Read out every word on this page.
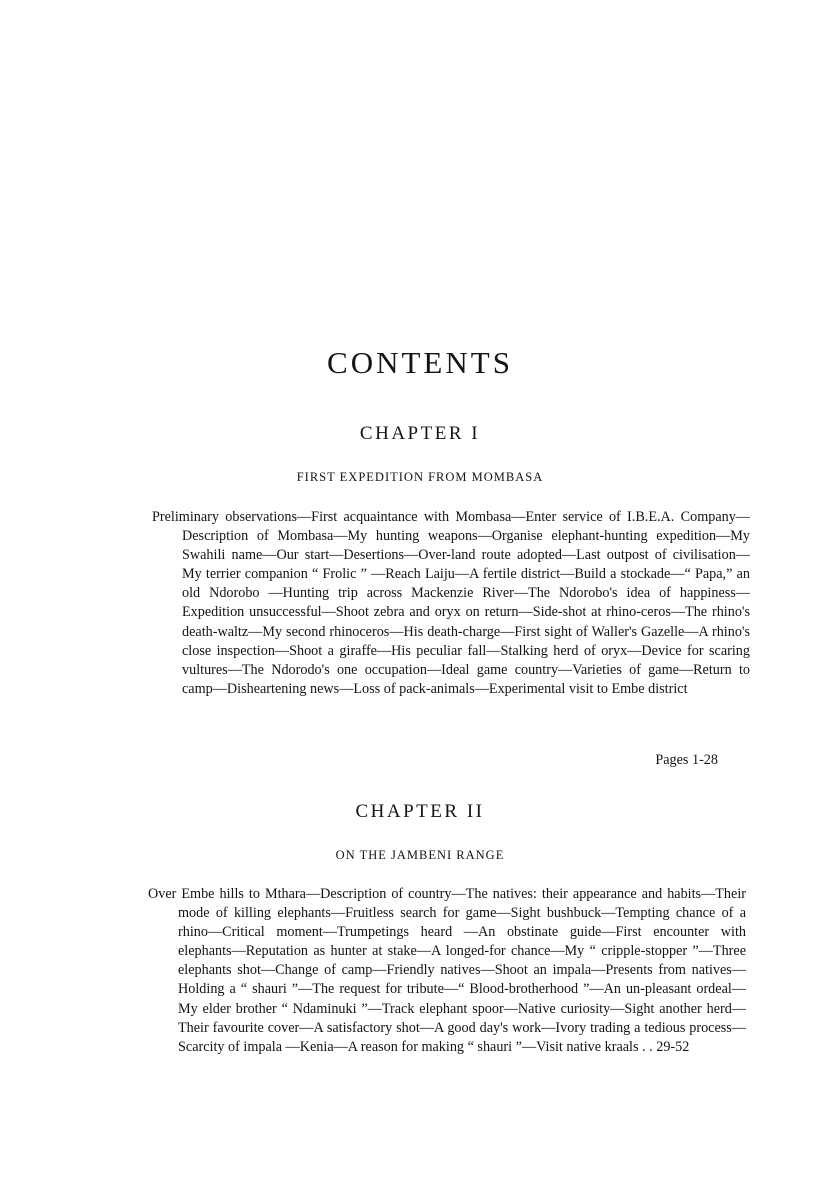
CONTENTS
CHAPTER I
FIRST EXPEDITION FROM MOMBASA

Preliminary observations—First acquaintance with Mombasa—Enter service of I.B.E.A. Company—Description of Mombasa—My hunting weapons—Organise elephant-hunting expedition—My Swahili name—Our start—Desertions—Over-land route adopted—Last outpost of civilisation—My terrier companion “ Frolic ” —Reach Laiju—A fertile district—Build a stockade—“ Papa,” an old Ndorobo —Hunting trip across Mackenzie River—The Ndorobo's idea of happiness—Expedition unsuccessful—Shoot zebra and oryx on return—Side-shot at rhino-ceros—The rhino's death-waltz—My second rhinoceros—His death-charge—First sight of Waller's Gazelle—A rhino's close inspection—Shoot a giraffe—His peculiar fall—Stalking herd of oryx—Device for scaring vultures—The Ndorodo's one occupation—Ideal game country—Varieties of game—Return to camp—Disheartening news—Loss of pack-animals—Experimental visit to Embe district

Pages 1-28

CHAPTER II
ON THE JAMBENI RANGE

Over Embe hills to Mthara—Description of country—The natives: their appearance and habits—Their mode of killing elephants—Fruitless search for game—Sight bushbuck—Tempting chance of a rhino—Critical moment—Trumpetings heard —An obstinate guide—First encounter with elephants—Reputation as hunter at stake—A longed-for chance—My “ cripple-stopper ”—Three elephants shot—Change of camp—Friendly natives—Shoot an impala—Presents from natives—Holding a “ shauri ”—The request for tribute—“ Blood-brotherhood ”—An un-pleasant ordeal—My elder brother “ Ndaminuki ”—Track elephant spoor—Native curiosity—Sight another herd—Their favourite cover—A satisfactory shot—A good day's work—Ivory trading a tedious process—Scarcity of impala —Kenia—A reason for making “ shauri ”—Visit native kraals . . 29-52
